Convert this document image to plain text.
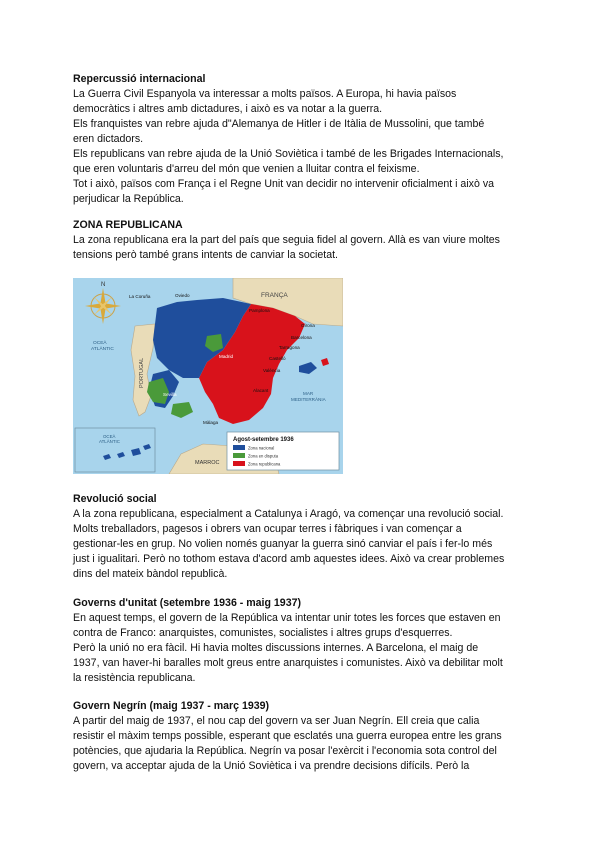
Repercussió internacional

La Guerra Civil Espanyola va interessar a molts països. A Europa, hi havia països

democràtics i altres amb dictadures, i això es va notar a la guerra.

Els franquistes van rebre ajuda d"Alemanya de Hitler i de Itàlia de Mussolini, que també

eren dictadors.

Els republicans van rebre ajuda de la Unió Soviètica i també de les Brigades Internacionals,

que eren voluntaris d'arreu del món que venien a lluitar contra el feixisme.

Tot i això, països com França i el Regne Unit van decidir no intervenir oficialment i això va

perjudicar la República.

ZONA REPUBLICANA

La zona republicana era la part del país que seguia fidel al govern. Allà es van viure moltes

tensions però també grans intents de canviar la societat.

N
FRANÇA
PORTUGAL
MARROC
OCEÀ ATLÀNTIC
MAR MEDITERRÀNIA
La Coruña	Oviedo
Pamplona
Girona
Barcelona
Tarragona
Madrid	Castelló
València
Alacant
Sevilla
Màlaga
OCEÀ ATLÀNTIC	Agost-setembre 1936
Zona nacional
Zona en disputa
Zona republicana
Revolució social

A la zona republicana, especialment a Catalunya i Aragó, va començar una revolució social.

Molts treballadors, pagesos i obrers van ocupar terres i fàbriques i van començar a

gestionar-les en grup. No volien només guanyar la guerra sinó canviar el país i fer-lo més

just i igualitari. Però no tothom estava d'acord amb aquestes idees. Això va crear problemes

dins del mateix bàndol republicà.

Governs d'unitat (setembre 1936 - maig 1937)

En aquest temps, el govern de la República va intentar unir totes les forces que estaven en

contra de Franco: anarquistes, comunistes, socialistes i altres grups d'esquerres.

Però la unió no era fàcil. Hi havia moltes discussions internes. A Barcelona, el maig de

1937, van haver-hi baralles molt greus entre anarquistes i comunistes. Això va debilitar molt

la resistència republicana.

Govern Negrín (maig 1937 - març 1939)

A partir del maig de 1937, el nou cap del govern va ser Juan Negrín. Ell creia que calia

resistir el màxim temps possible, esperant que esclatés una guerra europea entre les grans

potències, que ajudaria la República. Negrín va posar l'exèrcit i l'economia sota control del

govern, va acceptar ajuda de la Unió Soviètica i va prendre decisions difícils. Però la
